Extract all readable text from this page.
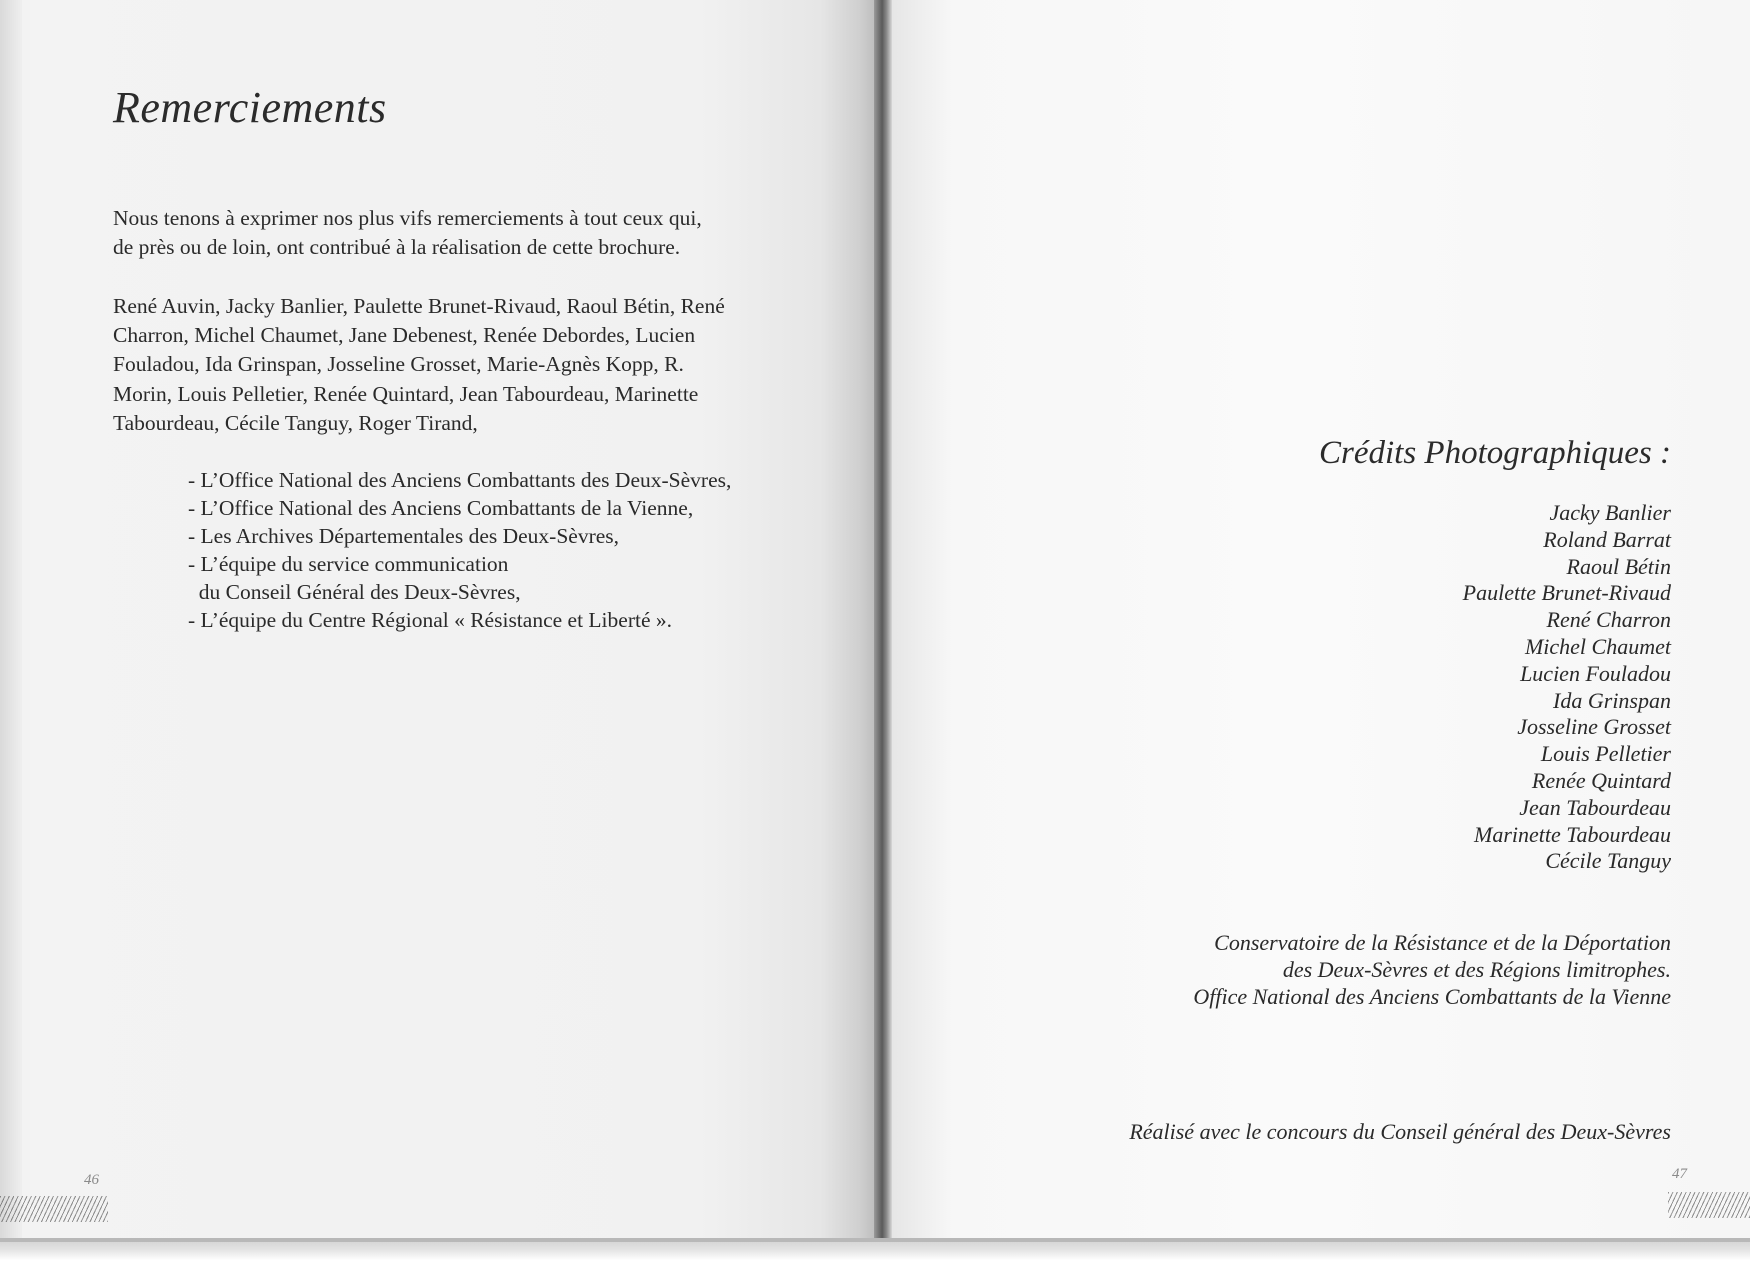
Remerciements

Nous tenons à exprimer nos plus vifs remerciements à tout ceux qui,
de près ou de loin, ont contribué à la réalisation de cette brochure.

René Auvin, Jacky Banlier, Paulette Brunet-Rivaud, Raoul Bétin, René
Charron, Michel Chaumet, Jane Debenest, Renée Debordes, Lucien
Fouladou, Ida Grinspan, Josseline Grosset, Marie-Agnès Kopp, R.
Morin, Louis Pelletier, Renée Quintard, Jean Tabourdeau, Marinette
Tabourdeau, Cécile Tanguy, Roger Tirand,

- L’Office National des Anciens Combattants des Deux-Sèvres,
- L’Office National des Anciens Combattants de la Vienne,
- Les Archives Départementales des Deux-Sèvres,
- L’équipe du service communication
du Conseil Général des Deux-Sèvres,
- L’équipe du Centre Régional « Résistance et Liberté ».
46
Crédits Photographiques :
Jacky Banlier
Roland Barrat
Raoul Bétin
Paulette Brunet-Rivaud
René Charron
Michel Chaumet
Lucien Fouladou
Ida Grinspan
Josseline Grosset
Louis Pelletier
Renée Quintard
Jean Tabourdeau
Marinette Tabourdeau
Cécile Tanguy
Conservatoire de la Résistance et de la Déportation
des Deux-Sèvres et des Régions limitrophes.
Office National des Anciens Combattants de la Vienne

Réalisé avec le concours du Conseil général des Deux-Sèvres

47
